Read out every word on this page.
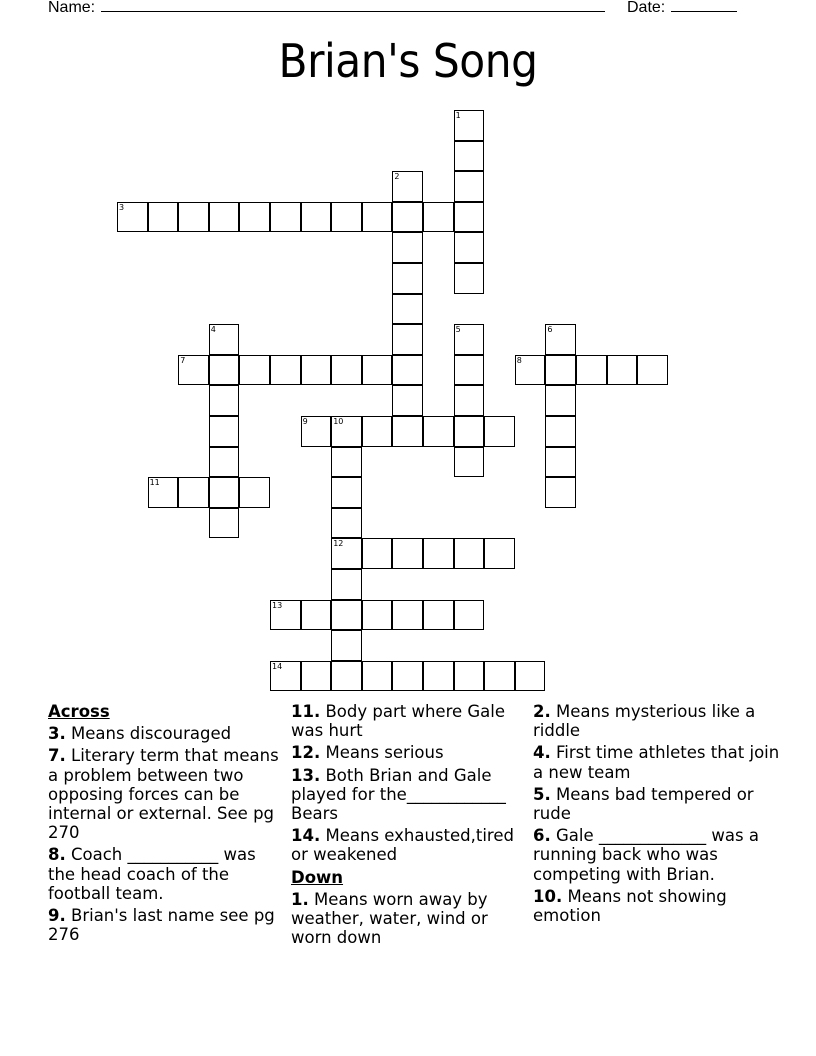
Name:	Date:
Brian's Song
1
2
3
4	5	6
7	8
9	10
12
11
13
14
Across
3. Means discouraged
7. Literary term that means a problem between two opposing forces can be internal or external. See pg 270
8. Coach ___________ was the head coach of the football team.
9. Brian's last name see pg 276
11. Body part where Gale was hurt
12. Means serious
13. Both Brian and Gale played for the____________ Bears
14. Means exhausted,tired or weakened
Down
1. Means worn away by weather, water, wind or worn down
2. Means mysterious like a riddle
4. First time athletes that join a new team
5. Means bad tempered or rude
6. Gale _____________ was a running back who was competing with Brian.
10. Means not showing emotion
